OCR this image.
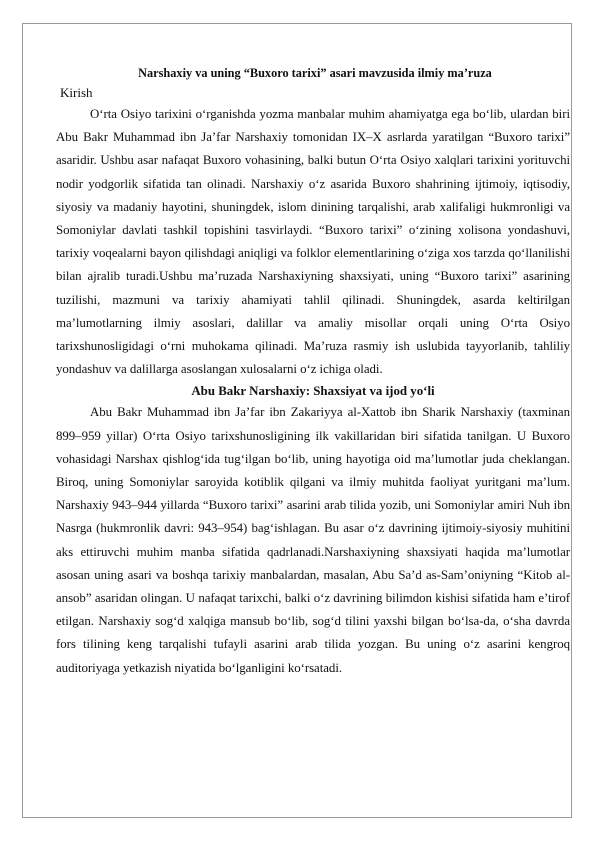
Narshaxiy va uning “Buxoro tarixi” asari mavzusida ilmiy ma’ruza

Kirish

O‘rta Osiyo tarixini o‘rganishda yozma manbalar muhim ahamiyatga ega bo‘lib, ulardan biri Abu Bakr Muhammad ibn Ja’far Narshaxiy tomonidan IX–X asrlarda yaratilgan “Buxoro tarixi” asaridir. Ushbu asar nafaqat Buxoro vohasining, balki butun O‘rta Osiyo xalqlari tarixini yorituvchi nodir yodgorlik sifatida tan olinadi. Narshaxiy o‘z asarida Buxoro shahrining ijtimoiy, iqtisodiy, siyosiy va madaniy hayotini, shuningdek, islom dinining tarqalishi, arab xalifaligi hukmronligi va Somoniylar davlati tashkil topishini tasvirlaydi. “Buxoro tarixi” o‘zining xolisona yondashuvi, tarixiy voqealarni bayon qilishdagi aniqligi va folklor elementlarining o‘ziga xos tarzda qo‘llanilishi bilan ajralib turadi.Ushbu ma’ruzada Narshaxiyning shaxsiyati, uning “Buxoro tarixi” asarining tuzilishi, mazmuni va tarixiy ahamiyati tahlil qilinadi. Shuningdek, asarda keltirilgan ma’lumotlarning ilmiy asoslari, dalillar va amaliy misollar orqali uning O‘rta Osiyo tarixshunosligidagi o‘rni muhokama qilinadi. Ma’ruza rasmiy ish uslubida tayyorlanib, tahliliy yondashuv va dalillarga asoslangan xulosalarni o‘z ichiga oladi.

Abu Bakr Narshaxiy: Shaxsiyat va ijod yo‘li

Abu Bakr Muhammad ibn Ja’far ibn Zakariyya al-Xattob ibn Sharik Narshaxiy (taxminan 899–959 yillar) O‘rta Osiyo tarixshunosligining ilk vakillaridan biri sifatida tanilgan. U Buxoro vohasidagi Narshax qishlog‘ida tug‘ilgan bo‘lib, uning hayotiga oid ma’lumotlar juda cheklangan. Biroq, uning Somoniylar saroyida kotiblik qilgani va ilmiy muhitda faoliyat yuritgani ma’lum. Narshaxiy 943–944 yillarda “Buxoro tarixi” asarini arab tilida yozib, uni Somoniylar amiri Nuh ibn Nasrga (hukmronlik davri: 943–954) bag‘ishlagan. Bu asar o‘z davrining ijtimoiy-siyosiy muhitini aks ettiruvchi muhim manba sifatida qadrlanadi.Narshaxiyning shaxsiyati haqida ma’lumotlar asosan uning asari va boshqa tarixiy manbalardan, masalan, Abu Sa’d as-Sam’oniyning “Kitob al-ansob” asaridan olingan. U nafaqat tarixchi, balki o‘z davrining bilimdon kishisi sifatida ham e’tirof etilgan. Narshaxiy sog‘d xalqiga mansub bo‘lib, sog‘d tilini yaxshi bilgan bo‘lsa-da, o‘sha davrda fors tilining keng tarqalishi tufayli asarini arab tilida yozgan. Bu uning o‘z asarini kengroq auditoriyaga yetkazish niyatida bo‘lganligini ko‘rsatadi.
